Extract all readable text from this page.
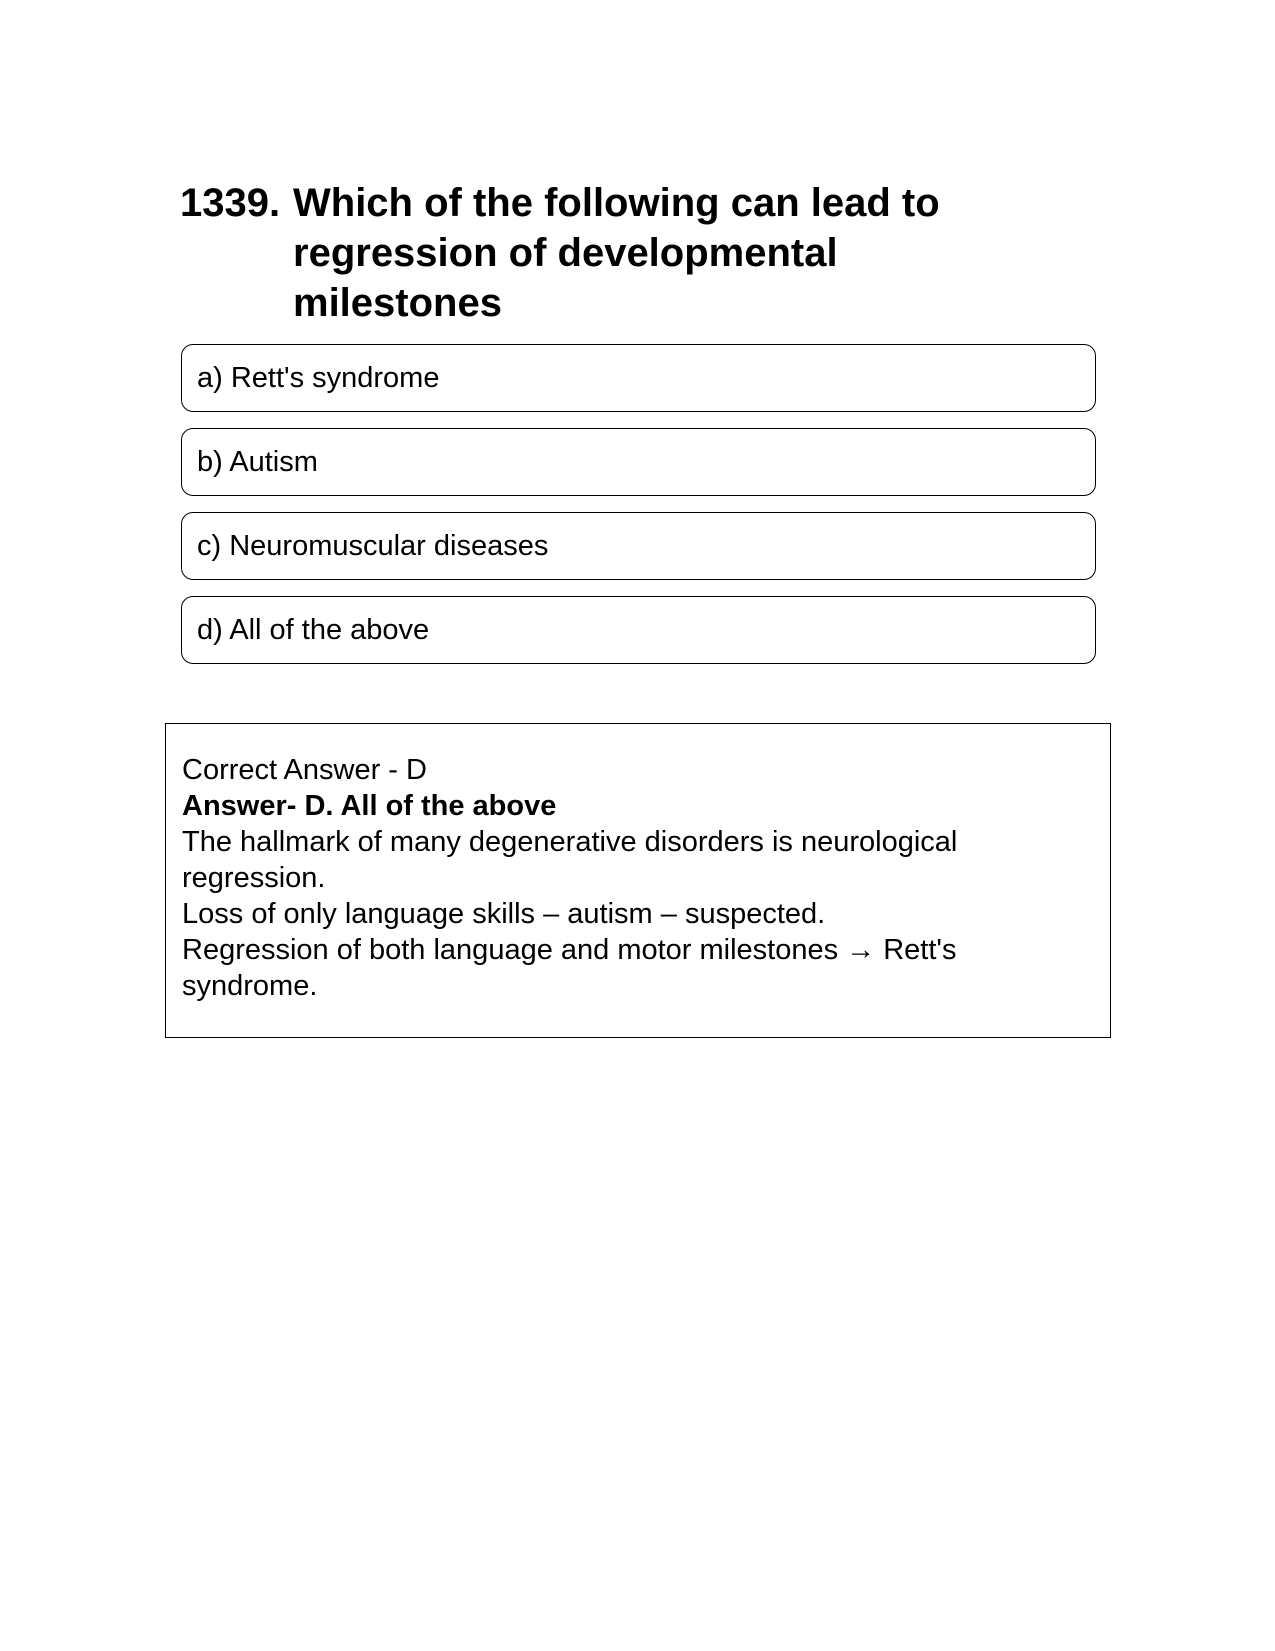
1339. Which of the following can lead to regression of developmental milestones
a) Rett's syndrome
b) Autism
c) Neuromuscular diseases
d) All of the above
Correct Answer - D
Answer- D. All of the above
The hallmark of many degenerative disorders is neurological regression.
Loss of only language skills – autism – suspected.
Regression of both language and motor milestones → Rett's syndrome.
